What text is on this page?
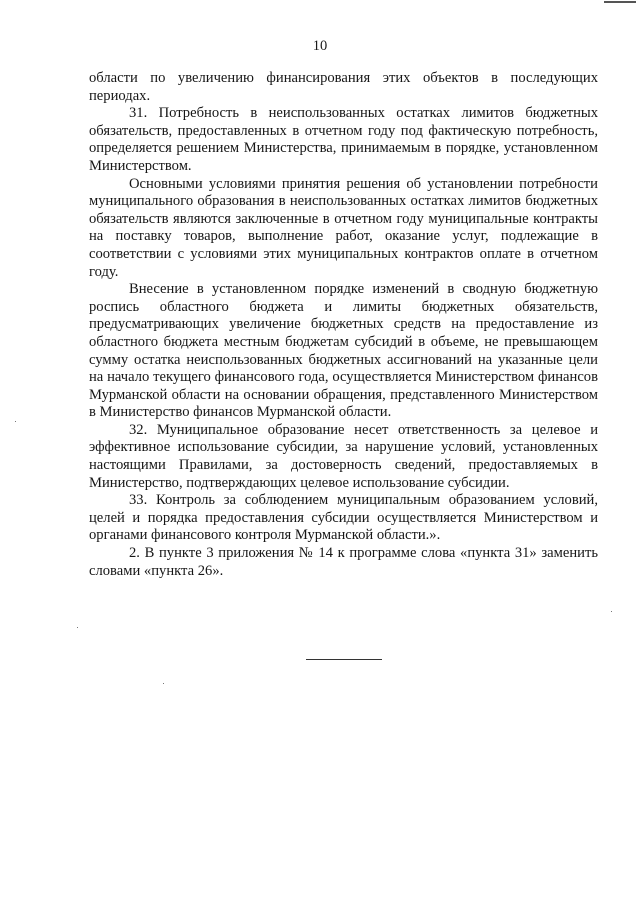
10

области по увеличению финансирования этих объектов в последующих периодах.

31. Потребность в неиспользованных остатках лимитов бюджетных обязательств, предоставленных в отчетном году под фактическую потребность, определяется решением Министерства, принимаемым в порядке, установленном Министерством.

Основными условиями принятия решения об установлении потребности муниципального образования в неиспользованных остатках лимитов бюджетных обязательств являются заключенные в отчетном году муниципальные контракты на поставку товаров, выполнение работ, оказание услуг, подлежащие в соответствии с условиями этих муниципальных контрактов оплате в отчетном году.

Внесение в установленном порядке изменений в сводную бюджетную роспись областного бюджета и лимиты бюджетных обязательств, предусматривающих увеличение бюджетных средств на предоставление из областного бюджета местным бюджетам субсидий в объеме, не превышающем сумму остатка неиспользованных бюджетных ассигнований на указанные цели на начало текущего финансового года, осуществляется Министерством финансов Мурманской области на основании обращения, представленного Министерством в Министерство финансов Мурманской области.

32. Муниципальное образование несет ответственность за целевое и эффективное использование субсидии, за нарушение условий, установленных настоящими Правилами, за достоверность сведений, предоставляемых в Министерство, подтверждающих целевое использование субсидии.

33. Контроль за соблюдением муниципальным образованием условий, целей и порядка предоставления субсидии осуществляется Министерством и органами финансового контроля Мурманской области.».

2. В пункте 3 приложения № 14 к программе слова «пункта 31» заменить словами «пункта 26».
